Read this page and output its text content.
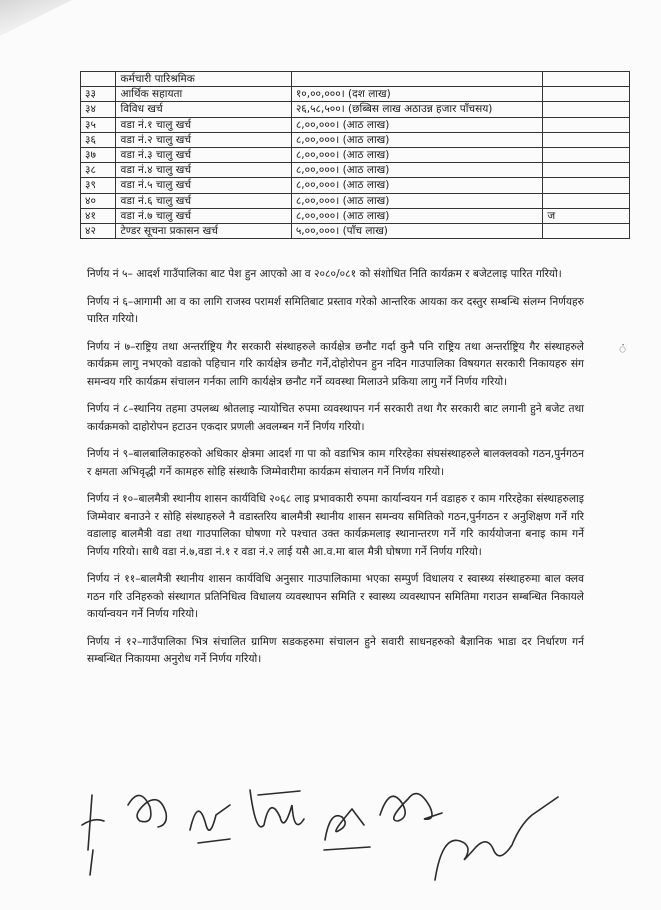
	कर्मचारी पारिश्रमिक		
३३	आर्थिक सहायता	१०,००,०००। (दश लाख)	
३४	विविध खर्च	२६,५८,५००। (छब्बिस लाख अठाउन्न हजार पाँचसय)	
३५	वडा नं.१ चालु खर्च	८,००,०००। (आठ लाख)	
३६	वडा नं.२ चालु खर्च	८,००,०००। (आठ लाख)	
३७	वडा नं.३ चालु खर्च	८,००,०००। (आठ लाख)	
३८	वडा नं.४ चालु खर्च	८,००,०००। (आठ लाख)	
३९	वडा नं.५ चालु खर्च	८,००,०००। (आठ लाख)	
४०	वडा नं.६ चालु खर्च	८,००,०००। (आठ लाख)	
४१	वडा नं.७ चालु खर्च	८,००,०००। (आठ लाख)	ज
४२	टेण्डर सूचना प्रकासन खर्च	५,००,०००। (पाँच लाख)	
ं

निर्णय नं ५– आदर्श गाउँपालिका बाट पेश हुन आएको आ व २०८०/०८१ को संशोधित निति कार्यक्रम र बजेटलाइ पारित गरियो।

निर्णय नं ६–आगामी आ व का लागि राजस्व परामर्श समितिबाट प्रस्ताव गरेको आन्तरिक आयका कर दस्तुर सम्बन्धि संलग्न निर्णयहरु पारित गरियो।

निर्णय नं ७–राष्ट्रिय तथा अन्तर्राष्ट्रिय गैर सरकारी संस्थाहरुले कार्यक्षेत्र छनौट गर्दा कुनै पनि राष्ट्रिय तथा अन्तर्राष्ट्रिय गैर संस्थाहरुले कार्यक्रम लागु नभएको वडाको पहिचान गरि कार्यक्षेत्र छनौट गर्ने,दोहोरोपन हुन नदिन गाउपालिका विषयगत सरकारी निकायहरु संग समन्वय गरि कार्यक्रम संचालन गर्नका लागि कार्यक्षेत्र छनौट गर्ने व्यवस्था मिलाउने प्रकिया लागु गर्ने निर्णय गरियो।

निर्णय नं ८–स्थानिय तहमा उपलब्ध श्रोतलाइ न्यायोचित रुपमा व्यवस्थापन गर्न सरकारी तथा गैर सरकारी बाट लगानी हुने बजेट तथा कार्यक्रमको दाहोरोपन हटाउन एकदार प्रणली अवलम्बन गर्ने निर्णय गरियो।

निर्णय नं ९–बालबालिकाहरुको अधिकार क्षेत्रमा आदर्श गा पा को वडाभित्र काम गरिरहेका संघसंस्थाहरुले बालक्लवको गठन,पुर्नगठन र क्षमता अभिवृद्धी गर्ने कामहरु सोहि संस्थाकै जिम्मेवारीमा कार्यक्रम संचालन गर्ने निर्णय गरियो।

निर्णय नं १०–बालमैत्री स्थानीय शासन कार्यविधि २०६८ लाइ प्रभावकारी रुपमा कार्यान्वयन गर्न वडाहरु र काम गरिरहेका संस्थाहरुलाइ जिम्मेवार बनाउने र सोहि संस्थाहरुले नै वडास्तरिय बालमैत्री स्थानीय शासन समन्वय समितिको गठन,पुर्नगठन र अनुशिक्षण गर्ने गरि वडालाइ बालमैत्री वडा तथा गाउपालिका घोषणा गरे पश्चात उक्त कार्यक्रमलाइ स्थानान्तरण गर्ने गरि कार्ययोजना बनाइ काम गर्ने निर्णय गरियो। साथै वडा नं.७,वडा नं.१ र वडा नं.२ लाई यसै आ.व.मा बाल मैत्री घोषणा गर्ने निर्णय गरियो।

निर्णय नं ११–बालमैत्री स्थानीय शासन कार्यविधि अनुसार गाउपालिकामा भएका सम्पुर्ण विधालय र स्वास्थ्य संस्थाहरुमा बाल क्लव गठन गरि उनिहरुको संस्थागत प्रतिनिधित्व विधालय व्यवस्थापन समिति र स्वास्थ्य व्यवस्थापन समितिमा गराउन सम्बन्धित निकायले कार्यान्वयन गर्ने निर्णय गरियो।

निर्णय नं १२–गाउँपालिका भित्र संचालित ग्रामिण सडकहरुमा संचालन हुने सवारी साधनहरुको बैज्ञानिक भाडा दर निर्धारण गर्न सम्बन्धित निकायमा अनुरोध गर्ने निर्णय गरियो।
